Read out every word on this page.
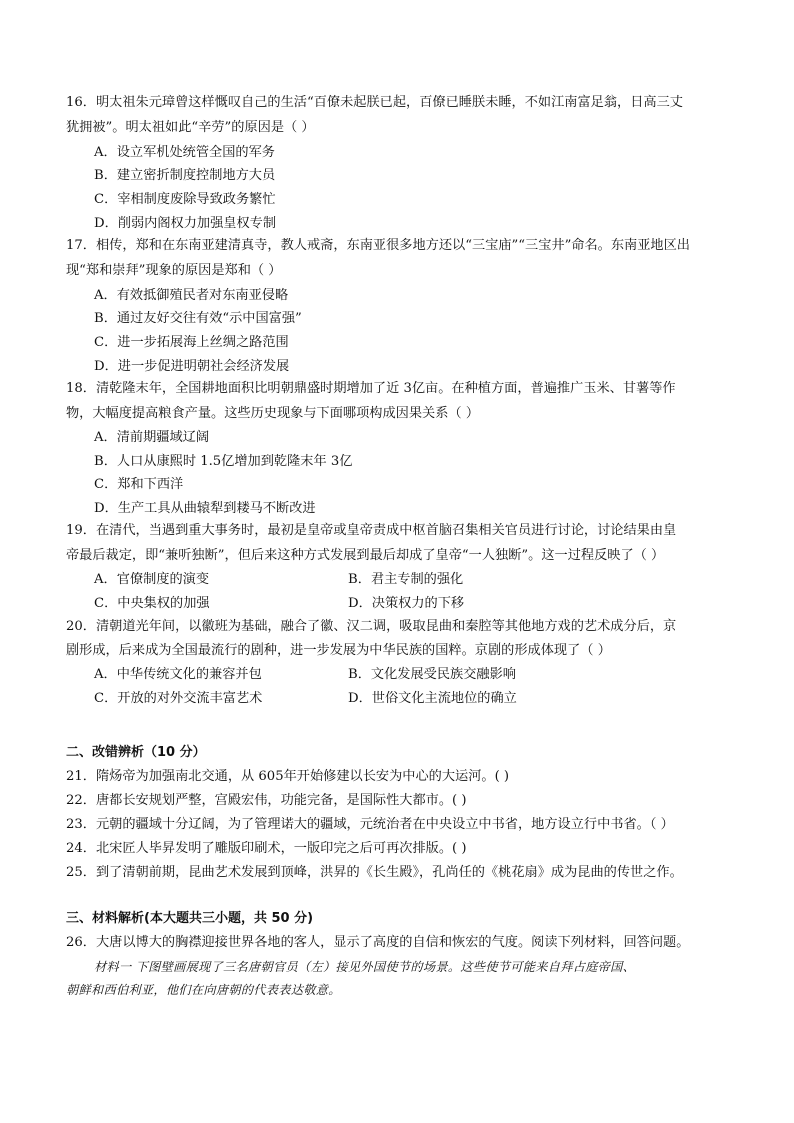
16．明太祖朱元璋曾这样慨叹自己的生活“百僚未起朕已起，百僚已睡朕未睡，不如江南富足翁，日高三丈
犹拥被”。明太祖如此“辛劳”的原因是（ ）
A．设立军机处统管全国的军务
B．建立密折制度控制地方大员
C．宰相制度废除导致政务繁忙
D．削弱内阁权力加强皇权专制
17．相传，郑和在东南亚建清真寺，教人戒斋，东南亚很多地方还以“三宝庙”“三宝井”命名。东南亚地区出
现“郑和崇拜”现象的原因是郑和（ ）
A．有效抵御殖民者对东南亚侵略
B．通过友好交往有效“示中国富强”
C．进一步拓展海上丝绸之路范围
D．进一步促进明朝社会经济发展
18．清乾隆末年，全国耕地面积比明朝鼎盛时期增加了近 3亿亩。在种植方面，普遍推广玉米、甘薯等作
物，大幅度提高粮食产量。这些历史现象与下面哪项构成因果关系（ ）
A．清前期疆域辽阔
B．人口从康熙时 1.5亿增加到乾隆末年 3亿
C．郑和下西洋
D．生产工具从曲辕犁到耧马不断改进
19．在清代，当遇到重大事务时，最初是皇帝或皇帝责成中枢首脑召集相关官员进行讨论，讨论结果由皇
帝最后裁定，即“兼听独断”，但后来这种方式发展到最后却成了皇帝“一人独断”。这一过程反映了（ ）
A．官僚制度的演变	B．君主专制的强化
C．中央集权的加强	D．决策权力的下移
20．清朝道光年间，以徽班为基础，融合了徽、汉二调，吸取昆曲和秦腔等其他地方戏的艺术成分后，京
剧形成，后来成为全国最流行的剧种，进一步发展为中华民族的国粹。京剧的形成体现了（ ）
A．中华传统文化的兼容并包	B．文化发展受民族交融影响
C．开放的对外交流丰富艺术	D．世俗文化主流地位的确立
二、改错辨析（10 分）
21．隋炀帝为加强南北交通，从 605年开始修建以长安为中心的大运河。( )
22．唐都长安规划严整，宫殿宏伟，功能完备，是国际性大都市。( )
23．元朝的疆域十分辽阔，为了管理诺大的疆域，元统治者在中央设立中书省，地方设立行中书省。（ ）
24．北宋匠人毕昇发明了雕版印刷术，一版印完之后可再次排版。( )
25．到了清朝前期，昆曲艺术发展到顶峰，洪昇的《长生殿》，孔尚任的《桃花扇》成为昆曲的传世之作。
三、材料解析(本大题共三小题，共 50 分)
26．大唐以博大的胸襟迎接世界各地的客人，显示了高度的自信和恢宏的气度。阅读下列材料，回答问题。
材料一 下图壁画展现了三名唐朝官员（左）接见外国使节的场景。这些使节可能来自拜占庭帝国、
朝鲜和西伯利亚，他们在向唐朝的代表表达敬意。
